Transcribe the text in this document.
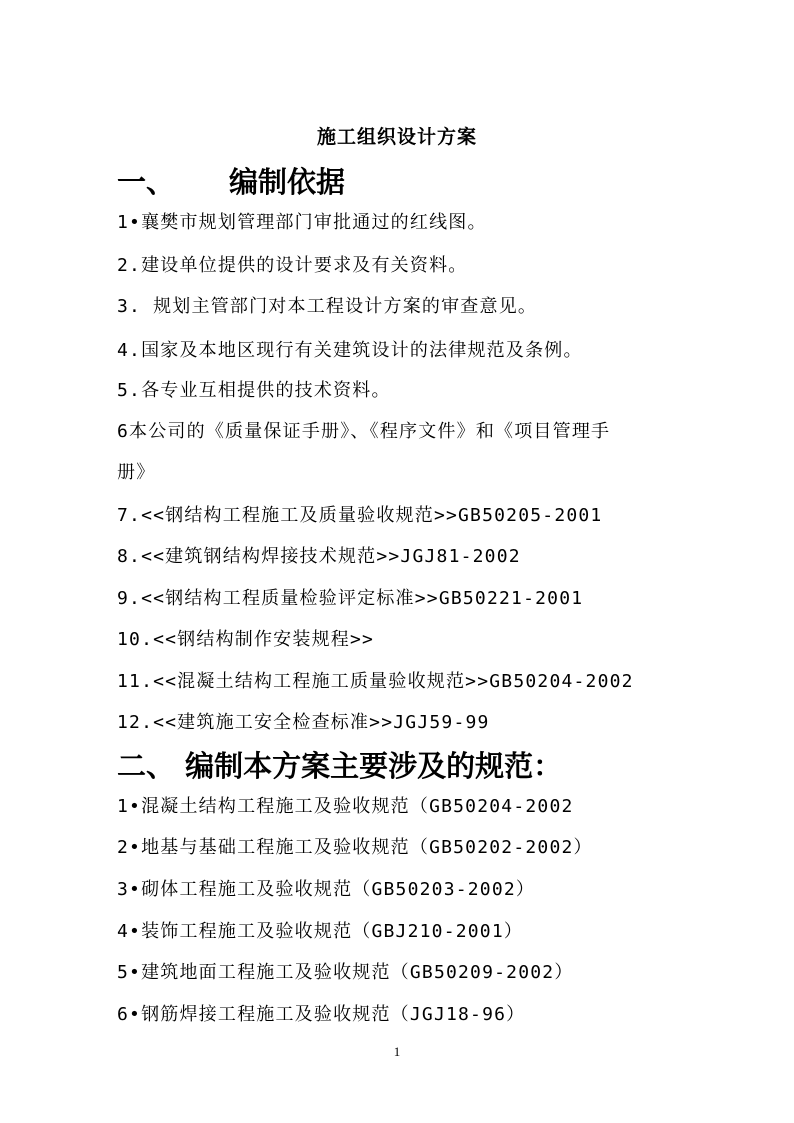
施工组织设计方案
一、 编制依据
1•襄樊市规划管理部门审批通过的红线图。
2.建设单位提供的设计要求及有关资料。
3. 规划主管部门对本工程设计方案的审查意见。
4.国家及本地区现行有关建筑设计的法律规范及条例。
5.各专业互相提供的技术资料。
6本公司的《质量保证手册》、《程序文件》和《项目管理手
册》
7.<<钢结构工程施工及质量验收规范>>GB50205-2001
8.<<建筑钢结构焊接技术规范>>JGJ81-2002
9.<<钢结构工程质量检验评定标准>>GB50221-2001
10.<<钢结构制作安装规程>>
11.<<混凝土结构工程施工质量验收规范>>GB50204-2002
12.<<建筑施工安全检查标准>>JGJ59-99
二、 编制本方案主要涉及的规范：
1•混凝土结构工程施工及验收规范（GB50204-2002
2•地基与基础工程施工及验收规范（GB50202-2002）
3•砌体工程施工及验收规范（GB50203-2002）
4•装饰工程施工及验收规范（GBJ210-2001）
5•建筑地面工程施工及验收规范（GB50209-2002）
6•钢筋焊接工程施工及验收规范（JGJ18-96）
1
